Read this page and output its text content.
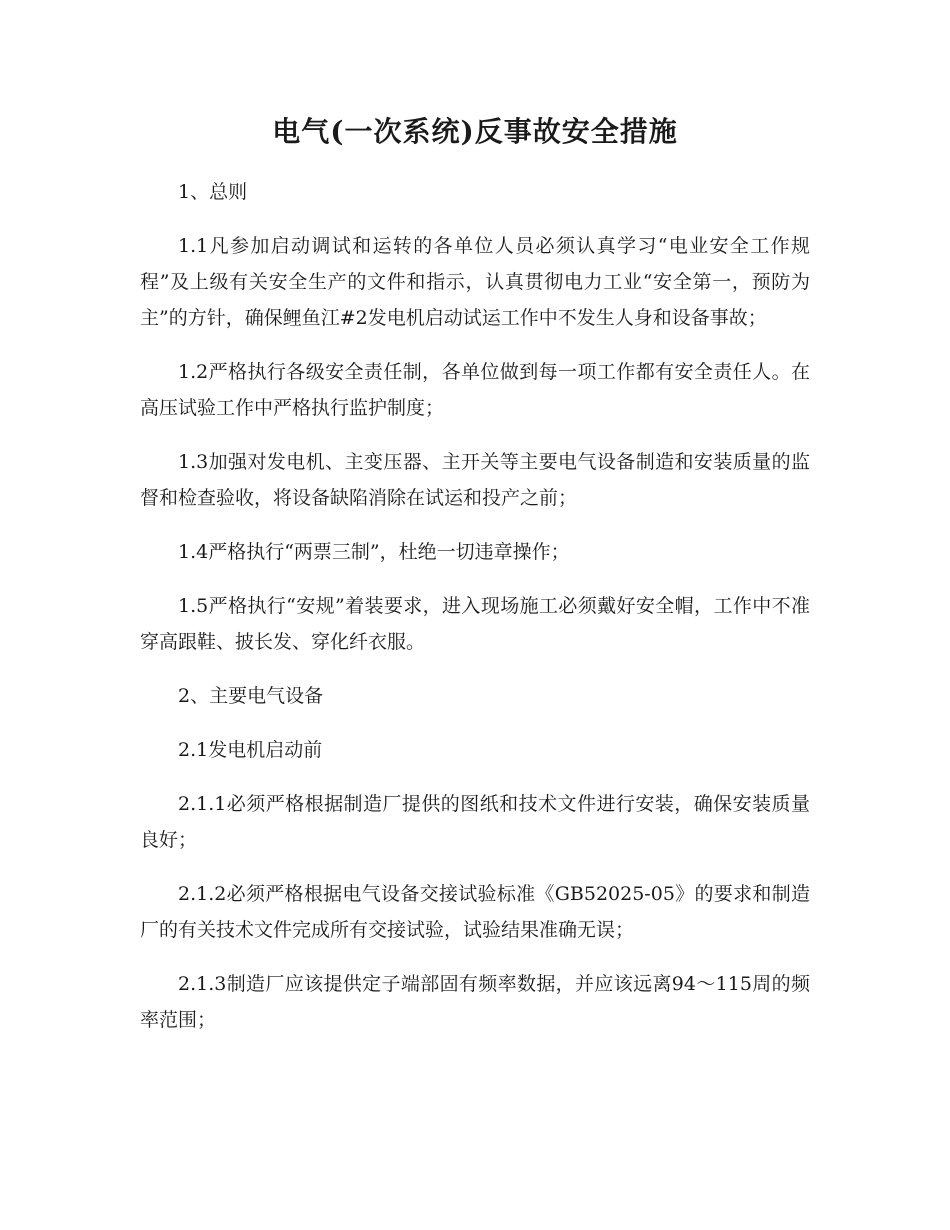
电气(一次系统)反事故安全措施

1、总则

1.1凡参加启动调试和运转的各单位人员必须认真学习“电业安全工作规程”及上级有关安全生产的文件和指示，认真贯彻电力工业“安全第一，预防为主”的方针，确保鲤鱼江#2发电机启动试运工作中不发生人身和设备事故；

1.2严格执行各级安全责任制，各单位做到每一项工作都有安全责任人。在高压试验工作中严格执行监护制度；

1.3加强对发电机、主变压器、主开关等主要电气设备制造和安装质量的监督和检查验收，将设备缺陷消除在试运和投产之前；

1.4严格执行“两票三制”，杜绝一切违章操作；

1.5严格执行“安规”着装要求，进入现场施工必须戴好安全帽，工作中不准穿高跟鞋、披长发、穿化纤衣服。

2、主要电气设备

2.1发电机启动前

2.1.1必须严格根据制造厂提供的图纸和技术文件进行安装，确保安装质量良好；

2.1.2必须严格根据电气设备交接试验标准《GB52025-05》的要求和制造厂的有关技术文件完成所有交接试验，试验结果准确无误；

2.1.3制造厂应该提供定子端部固有频率数据，并应该远离94～115周的频率范围；
